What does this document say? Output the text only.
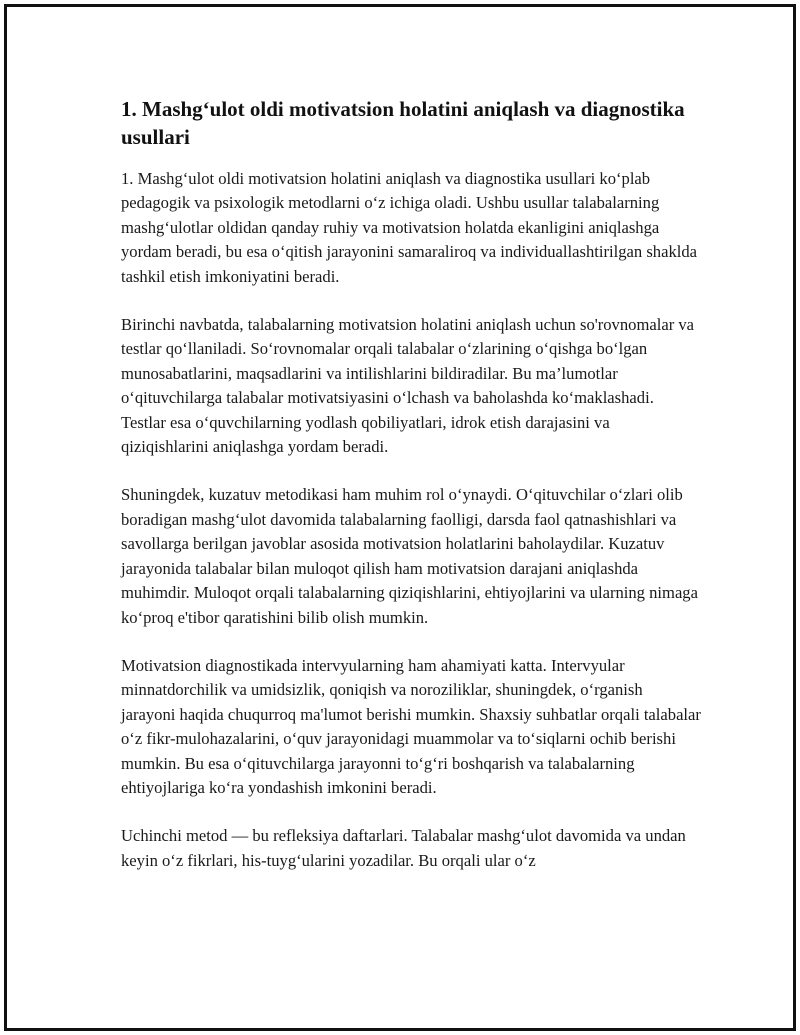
1. Mashg‘ulot oldi motivatsion holatini aniqlash va diagnostika usullari

1. Mashg‘ulot oldi motivatsion holatini aniqlash va diagnostika usullari ko‘plab pedagogik va psixologik metodlarni o‘z ichiga oladi. Ushbu usullar talabalarning mashg‘ulotlar oldidan qanday ruhiy va motivatsion holatda ekanligini aniqlashga yordam beradi, bu esa o‘qitish jarayonini samaraliroq va individuallashtirilgan shaklda tashkil etish imkoniyatini beradi.

Birinchi navbatda, talabalarning motivatsion holatini aniqlash uchun so'rovnomalar va testlar qo‘llaniladi. So‘rovnomalar orqali talabalar o‘zlarining o‘qishga bo‘lgan munosabatlarini, maqsadlarini va intilishlarini bildiradilar. Bu ma’lumotlar o‘qituvchilarga talabalar motivatsiyasini o‘lchash va baholashda ko‘maklashadi. Testlar esa o‘quvchilarning yodlash qobiliyatlari, idrok etish darajasini va qiziqishlarini aniqlashga yordam beradi.

Shuningdek, kuzatuv metodikasi ham muhim rol o‘ynaydi. O‘qituvchilar o‘zlari olib boradigan mashg‘ulot davomida talabalarning faolligi, darsda faol qatnashishlari va savollarga berilgan javoblar asosida motivatsion holatlarini baholaydilar. Kuzatuv jarayonida talabalar bilan muloqot qilish ham motivatsion darajani aniqlashda muhimdir. Muloqot orqali talabalarning qiziqishlarini, ehtiyojlarini va ularning nimaga ko‘proq e'tibor qaratishini bilib olish mumkin.

Motivatsion diagnostikada intervyularning ham ahamiyati katta. Intervyular minnatdorchilik va umidsizlik, qoniqish va noroziliklar, shuningdek, o‘rganish jarayoni haqida chuqurroq ma'lumot berishi mumkin. Shaxsiy suhbatlar orqali talabalar o‘z fikr-mulohazalarini, o‘quv jarayonidagi muammolar va to‘siqlarni ochib berishi mumkin. Bu esa o‘qituvchilarga jarayonni to‘g‘ri boshqarish va talabalarning ehtiyojlariga ko‘ra yondashish imkonini beradi.

Uchinchi metod — bu refleksiya daftarlari. Talabalar mashg‘ulot davomida va undan keyin o‘z fikrlari, his-tuyg‘ularini yozadilar. Bu orqali ular o‘z
